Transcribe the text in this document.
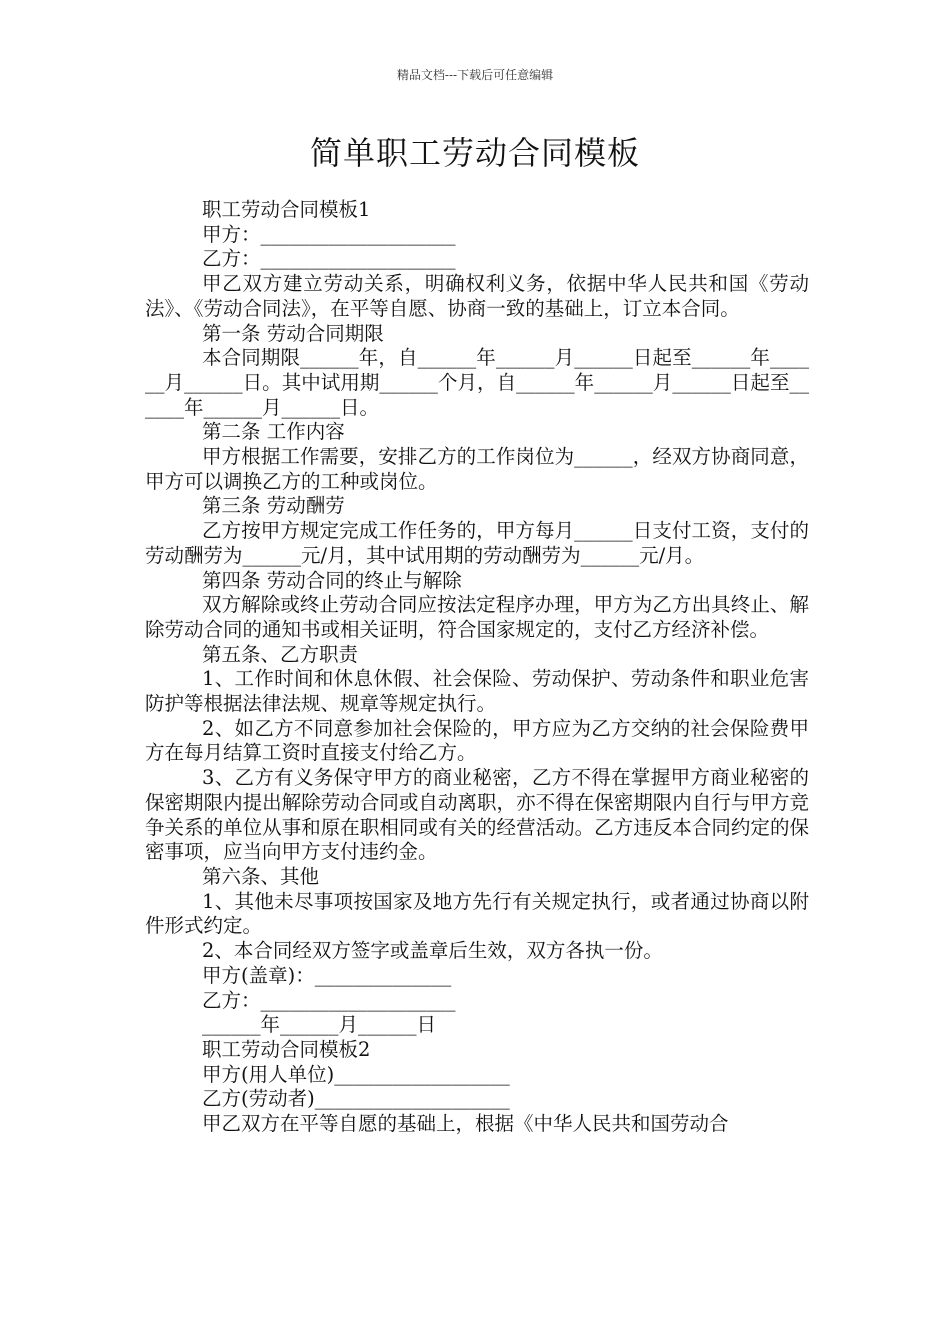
精品文档---下载后可任意编辑
简单职工劳动合同模板

职工劳动合同模板1

甲方：____________________

乙方：____________________

甲乙双方建立劳动关系，明确权利义务，依据中华人民共和国《劳动法》、《劳动合同法》，在平等自愿、协商一致的基础上，订立本合同。

第一条 劳动合同期限

本合同期限______年，自______年______月______日起至______年______月______日。其中试用期______个月，自______年______月______日起至______年______月______日。

第二条 工作内容

甲方根据工作需要，安排乙方的工作岗位为______，经双方协商同意，甲方可以调换乙方的工种或岗位。

第三条 劳动酬劳

乙方按甲方规定完成工作任务的，甲方每月______日支付工资，支付的劳动酬劳为______元/月，其中试用期的劳动酬劳为______元/月。

第四条 劳动合同的终止与解除

双方解除或终止劳动合同应按法定程序办理，甲方为乙方出具终止、解除劳动合同的通知书或相关证明，符合国家规定的，支付乙方经济补偿。

第五条、乙方职责

1、工作时间和休息休假、社会保险、劳动保护、劳动条件和职业危害防护等根据法律法规、规章等规定执行。

2、如乙方不同意参加社会保险的，甲方应为乙方交纳的社会保险费甲方在每月结算工资时直接支付给乙方。

3、乙方有义务保守甲方的商业秘密，乙方不得在掌握甲方商业秘密的保密期限内提出解除劳动合同或自动离职，亦不得在保密期限内自行与甲方竞争关系的单位从事和原在职相同或有关的经营活动。乙方违反本合同约定的保密事项，应当向甲方支付违约金。

第六条、其他

1、其他未尽事项按国家及地方先行有关规定执行，或者通过协商以附件形式约定。

2、本合同经双方签字或盖章后生效，双方各执一份。

甲方(盖章)：______________

乙方：____________________

______年______月______日

职工劳动合同模板2

甲方(用人单位)__________________

乙方(劳动者)____________________

甲乙双方在平等自愿的基础上，根据《中华人民共和国劳动合
